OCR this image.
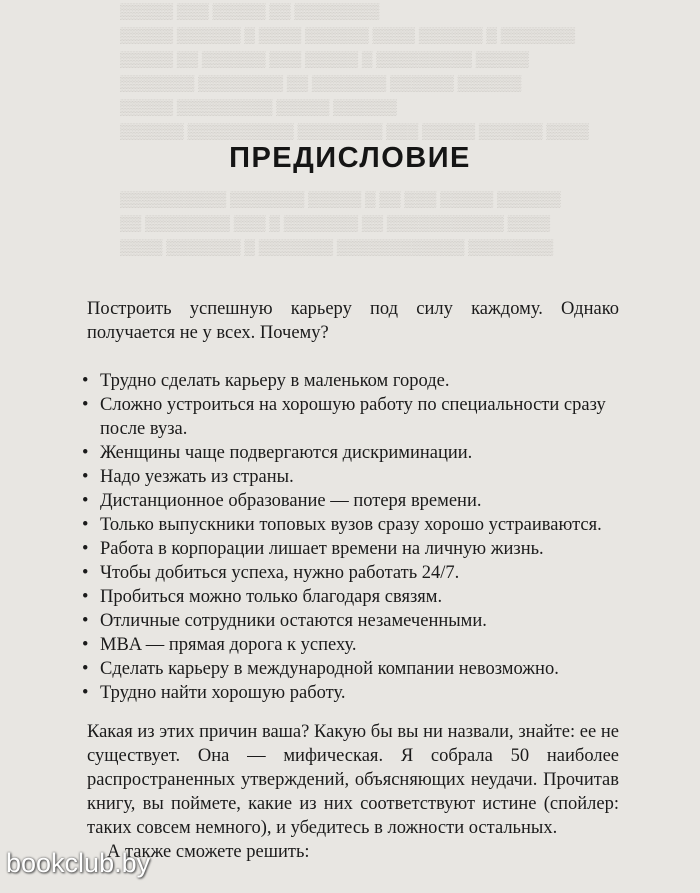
▒▒▒▒▒ ▒▒▒ ▒▒▒▒▒ ▒▒ ▒▒▒▒▒▒▒▒
▒▒▒▒▒ ▒▒▒▒▒▒ ▒ ▒▒▒▒ ▒▒▒▒▒▒ ▒▒▒▒ ▒▒▒▒▒▒ ▒ ▒▒▒▒▒▒▒
▒▒▒▒▒ ▒▒ ▒▒▒▒▒▒ ▒▒▒ ▒▒▒▒▒ ▒ ▒▒▒▒▒▒▒▒▒ ▒▒▒▒▒
▒▒▒▒▒▒▒ ▒▒▒▒▒▒▒▒ ▒▒ ▒▒▒▒▒▒▒ ▒▒▒▒▒▒ ▒▒▒▒▒▒
▒▒▒▒▒ ▒▒▒▒▒▒▒▒▒ ▒▒▒▒▒ ▒▒▒▒▒▒
▒▒▒▒▒▒ ▒▒▒▒▒▒▒▒▒▒ ▒▒▒▒▒▒▒▒ ▒▒▒ ▒▒▒▒▒ ▒▒▒▒▒▒ ▒▒▒▒
ПРЕДИСЛОВИЕ
▒▒▒▒▒▒▒▒▒▒ ▒▒▒▒▒▒▒ ▒▒▒▒▒ ▒ ▒▒ ▒▒▒ ▒▒▒▒▒ ▒▒▒▒▒▒
▒▒ ▒▒▒▒▒▒▒▒ ▒▒▒ ▒ ▒▒▒▒▒▒▒ ▒▒ ▒▒▒▒▒▒▒▒▒▒▒ ▒▒▒▒
▒▒▒▒ ▒▒▒▒▒▒▒ ▒ ▒▒▒▒▒▒▒ ▒▒▒▒▒▒▒▒▒▒▒▒ ▒▒▒▒▒▒▒▒

Построить успешную карьеру под силу каждому. Однако получается не у всех. Почему?

• Трудно сделать карьеру в маленьком городе.
• Сложно устроиться на хорошую работу по специальности сразу после вуза.
• Женщины чаще подвергаются дискриминации.
• Надо уезжать из страны.
• Дистанционное образование — потеря времени.
• Только выпускники топовых вузов сразу хорошо устраиваются.
• Работа в корпорации лишает времени на личную жизнь.
• Чтобы добиться успеха, нужно работать 24/7.
• Пробиться можно только благодаря связям.
• Отличные сотрудники остаются незамеченными.
• MBA — прямая дорога к успеху.
• Сделать карьеру в международной компании невозможно.
• Трудно найти хорошую работу.

Какая из этих причин ваша? Какую бы вы ни назвали, знайте: ее не существует. Она — мифическая. Я собрала 50 наиболее распространенных утверждений, объясняющих неудачи. Прочитав книгу, вы поймете, какие из них соответствуют истине (спойлер: таких совсем немного), и убедитесь в ложности остальных.

А также сможете решить:

bookclub.by
